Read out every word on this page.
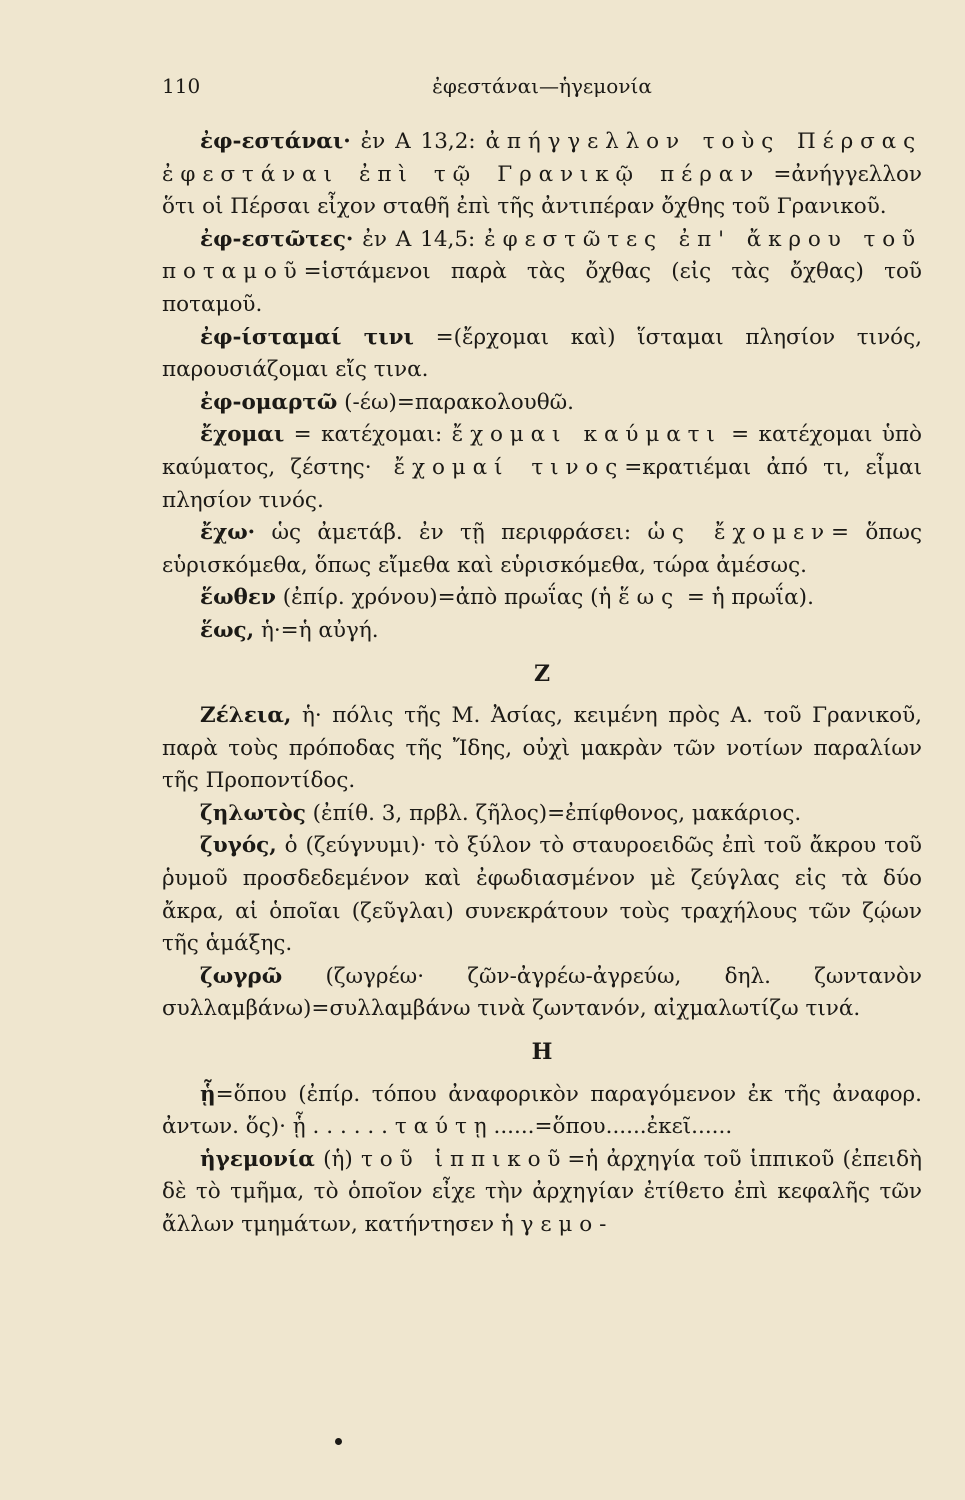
110	ἐφεστάναι—ἡγεμονία

ἐφ-εστάναι· ἐν Α 13,2: ἀπήγγελλον τοὺς Πέρσας ἐφεστάναι ἐπὶ τῷ Γρανικῷ πέραν =ἀνήγγελλον ὅτι οἱ Πέρσαι εἶχον σταθῆ ἐπὶ τῆς ἀντιπέραν ὄχθης τοῦ Γρανικοῦ.

ἐφ-εστῶτες· ἐν Α 14,5: ἐφεστῶτες ἐπ' ἄκρου τοῦ ποταμοῦ=ἱστάμενοι παρὰ τὰς ὄχθας (εἰς τὰς ὄχθας) τοῦ ποταμοῦ.

ἐφ-ίσταμαί τινι =(ἔρχομαι καὶ) ἵσταμαι πλησίον τινός, παρουσιάζομαι εἴς τινα.

ἐφ-ομαρτῶ (-έω)=παρακολουθῶ.

ἔχομαι = κατέχομαι: ἔχομαι καύματι = κατέχομαι ὑπὸ καύματος, ζέστης· ἔχομαί τινος=κρατιέμαι ἀπό τι, εἶμαι πλησίον τινός.

ἔχω· ὡς ἀμετάβ. ἐν τῇ περιφράσει: ὡς ἔχομεν= ὅπως εὑρισκόμεθα, ὅπως εἴμεθα καὶ εὑρισκόμεθα, τώρα ἀμέσως.

ἕωθεν (ἐπίρ. χρόνου)=ἀπὸ πρωΐας (ἡ ἕως = ἡ πρωΐα).

ἕως, ἡ·=ἡ αὐγή.

Ζ

Ζέλεια, ἡ· πόλις τῆς Μ. Ἀσίας, κειμένη πρὸς Α. τοῦ Γρανικοῦ, παρὰ τοὺς πρόποδας τῆς Ἴδης, οὐχὶ μακρὰν τῶν νοτίων παραλίων τῆς Προποντίδος.

ζηλωτὸς (ἐπίθ. 3, πρβλ. ζῆλος)=ἐπίφθονος, μακάριος.

ζυγός, ὁ (ζεύγνυμι)· τὸ ξύλον τὸ σταυροειδῶς ἐπὶ τοῦ ἄκρου τοῦ ῥυμοῦ προσδεδεμένον καὶ ἐφωδιασμένον μὲ ζεύγλας εἰς τὰ δύο ἄκρα, αἱ ὁποῖαι (ζεῦγλαι) συνεκράτουν τοὺς τραχήλους τῶν ζῴων τῆς ἁμάξης.

ζωγρῶ (ζωγρέω· ζῶν-ἀγρέω-ἀγρεύω, δηλ. ζωντανὸν συλλαμβάνω)=συλλαμβάνω τινὰ ζωντανόν, αἰχμαλωτίζω τινά.

Η

ᾗ=ὅπου (ἐπίρ. τόπου ἀναφορικὸν παραγόμενον ἐκ τῆς ἀναφορ. ἀντων. ὅς)· ᾗ......ταύτῃ......=ὅπου......ἐκεῖ......

ἡγεμονία (ἡ) τοῦ ἱππικοῦ=ἡ ἀρχηγία τοῦ ἱππικοῦ (ἐπειδὴ δὲ τὸ τμῆμα, τὸ ὁποῖον εἶχε τὴν ἀρχηγίαν ἐτίθετο ἐπὶ κεφαλῆς τῶν ἄλλων τμημάτων, κατήντησεν ἡγεμο-
